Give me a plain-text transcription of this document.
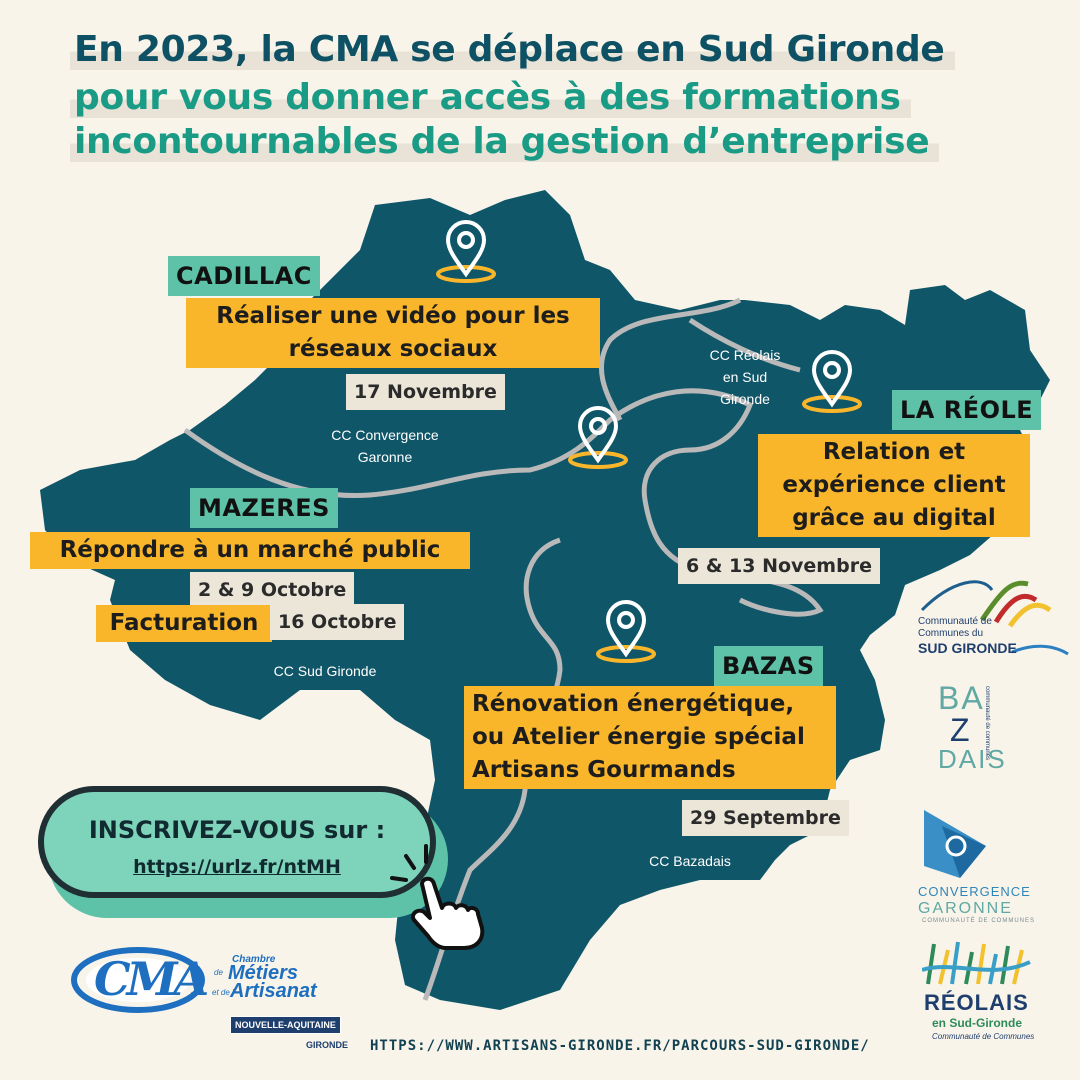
En 2023, la CMA se déplace en Sud Gironde
pour vous donner accès à des formations
incontournables de la gestion d’entreprise
CC Convergence
Garonne
CC Réolais
en Sud
Gironde
CC Sud Gironde
CC Bazadais
CADILLAC
Réaliser une vidéo pour les
réseaux sociaux
17 Novembre
LA RÉOLE
Relation et
expérience client
grâce au digital
6 & 13 Novembre
MAZERES
Répondre à un marché public
2 & 9 Octobre
Facturation	16 Octobre
BAZAS
Rénovation énergétique,
ou Atelier énergie spécial
Artisans Gourmands
29 Septembre
INSCRIVEZ-VOUS sur :
https://urlz.fr/ntMH
HTTPS://WWW.ARTISANS-GIRONDE.FR/PARCOURS-SUD-GIRONDE/
CMA	Chambre
de Métiers
et de l'
Artisanat
NOUVELLE-AQUITAINE
GIRONDE
Communauté de
Communes du
SUD GIRONDE
BA
Z
DAIS
communauté de communes
CONVERGENCE
GARONNE
COMMUNAUTÉ DE COMMUNES
RÉOLAIS
en Sud-Gironde
Communauté de Communes
